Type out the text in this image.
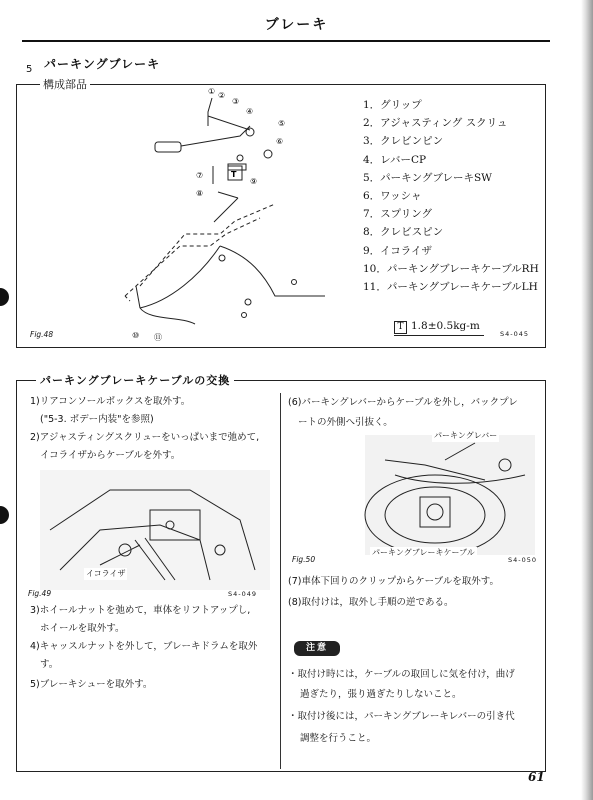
ブレーキ
5 パーキングブレーキ
構成部品
T
① ②
③
④
⑤
⑥
⑦
⑧
⑨
⑩ ⑪
1．グリップ
2．アジャスティング スクリュ
3．クレビンピン
4．レバーCP
5．パーキングブレーキSW
6．ワッシャ
7．スプリング
8．クレビスピン
9．イコライザ
10．パーキングブレーキケーブルRH
11．パーキングブレーキケーブルLH
T 1.8±0.5kg-m
Fig.48	S4-045
パーキングブレーキケーブルの交換
1)リアコンソールボックスを取外す。
("5-3. ボデー内装"を参照)
2)アジャスティングスクリューをいっぱいまで弛めて,
イコライザからケーブルを外す。
イコライザ
Fig.49	S4-049
3)ホイールナットを弛めて，車体をリフトアップし,
ホイールを取外す。
4)キャッスルナットを外して，ブレーキドラムを取外
す。
5)ブレーキシューを取外す。
(6)パーキングレバーからケーブルを外し，バックプレ
ートの外側へ引抜く。
パーキングレバー
パーキングブレーキケーブル
Fig.50	S4-050
(7)車体下回りのクリップからケーブルを取外す。
(8)取付けは，取外し手順の逆である。
注意
・取付け時には，ケーブルの取回しに気を付け，曲げ
過ぎたり，張り過ぎたりしないこと。
・取付け後には，パーキングブレーキレバーの引き代
調整を行うこと。
61
